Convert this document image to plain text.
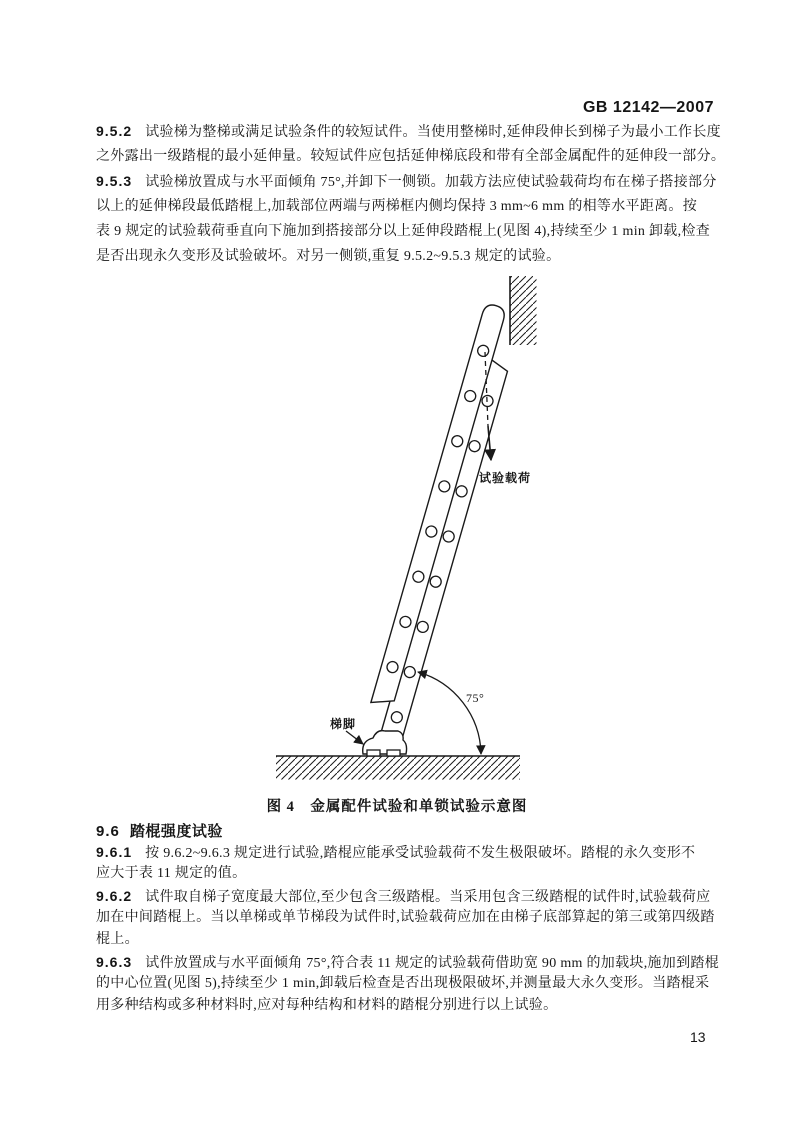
GB 12142—2007
9.5.2 试验梯为整梯或满足试验条件的较短试件。当使用整梯时,延伸段伸长到梯子为最小工作长度
之外露出一级踏棍的最小延伸量。较短试件应包括延伸梯底段和带有全部金属配件的延伸段一部分。
9.5.3 试验梯放置成与水平面倾角 75°,并卸下一侧锁。加载方法应使试验载荷均布在梯子搭接部分
以上的延伸梯段最低踏棍上,加载部位两端与两梯框内侧均保持 3 mm~6 mm 的相等水平距离。按
表 9 规定的试验载荷垂直向下施加到搭接部分以上延伸段踏棍上(见图 4),持续至少 1 min 卸载,检查
是否出现永久变形及试验破坏。对另一侧锁,重复 9.5.2~9.5.3 规定的试验。
试验载荷
75°
梯脚
图 4　金属配件试验和单锁试验示意图
9.6 踏棍强度试验
9.6.1 按 9.6.2~9.6.3 规定进行试验,踏棍应能承受试验载荷不发生极限破坏。踏棍的永久变形不
应大于表 11 规定的值。
9.6.2 试件取自梯子宽度最大部位,至少包含三级踏棍。当采用包含三级踏棍的试件时,试验载荷应
加在中间踏棍上。当以单梯或单节梯段为试件时,试验载荷应加在由梯子底部算起的第三或第四级踏
棍上。
9.6.3 试件放置成与水平面倾角 75°,符合表 11 规定的试验载荷借助宽 90 mm 的加载块,施加到踏棍
的中心位置(见图 5),持续至少 1 min,卸载后检查是否出现极限破坏,并测量最大永久变形。当踏棍采
用多种结构或多种材料时,应对每种结构和材料的踏棍分别进行以上试验。
13
